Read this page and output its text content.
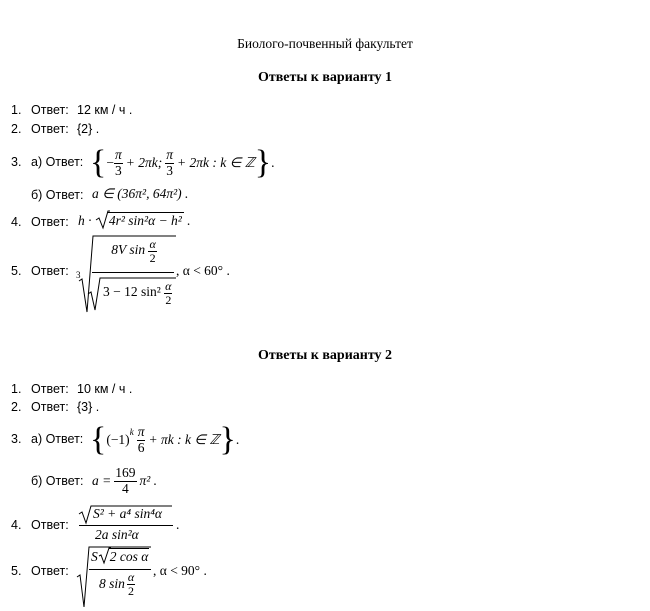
Биолого-почвенный факультет
Ответы к варианту 1
1. Ответ: 12 км / ч .
2. Ответ: {2} .
3. а) Ответ: { − $\frac{\pi}{3} + 2\pi k$; $\frac{\pi}{3} + 2\pi k$ : k ∈ ℤ } .
б) Ответ: a ∈ (36π², 64π²) .
4. Ответ: h · 4r² sin²α − h² .
5. Ответ: 3
8V $\sin \frac{\alpha}{2}$
3 − 12 $\sin^2 \frac{\alpha}{2}$
, α < 60° .
Ответы к варианту 2
1. Ответ: 10 км / ч .
2. Ответ: {3} .
3. а) Ответ: { (−1) k $\frac{\pi}{6} + \pi k$ : k ∈ ℤ } .
б) Ответ: $a = \frac{169}{4} \pi^2$ .
4. Ответ:
S² + a⁴ sin⁴α
2a sin²α
.
5. Ответ:
S 2 cos α
8 $\sin \frac{\alpha}{2}$
, α < 90° .
